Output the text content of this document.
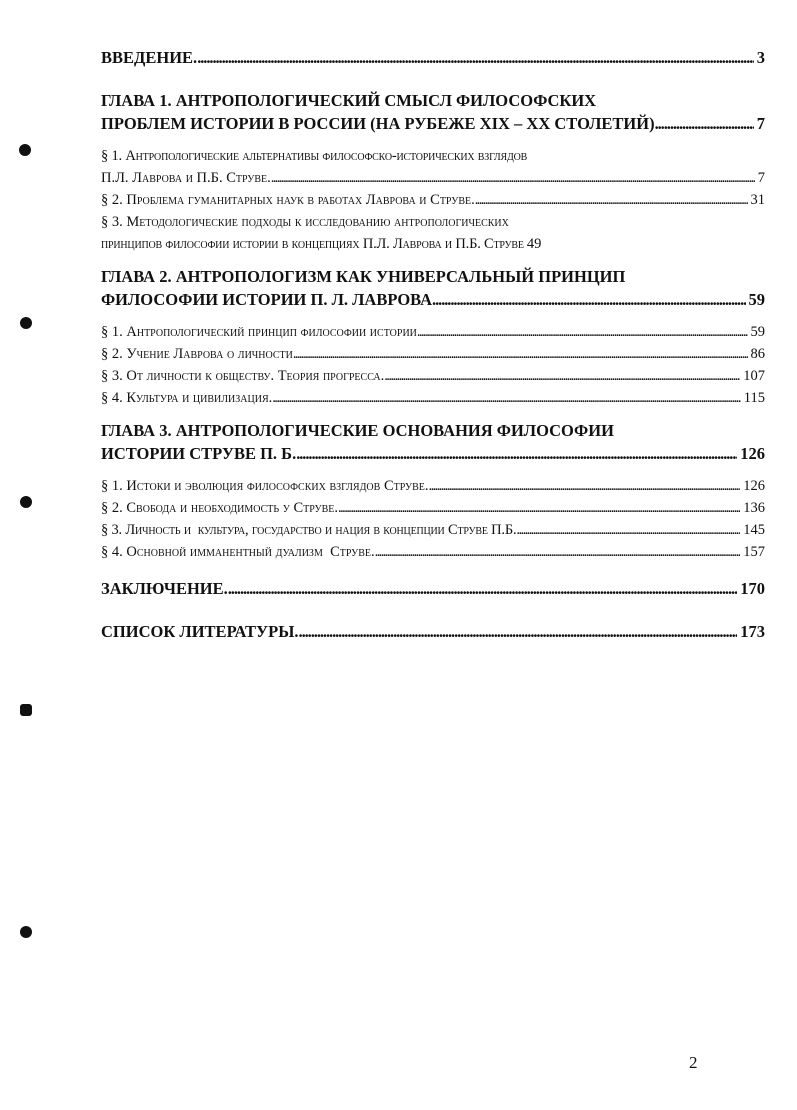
ВВЕДЕНИЕ. . . .	3
ГЛАВА 1. АНТРОПОЛОГИЧЕСКИЙ СМЫСЛ ФИЛОСОФСКИХ
ПРОБЛЕМ ИСТОРИИ В РОССИИ (НА РУБЕЖЕ XIX – XX СТОЛЕТИЙ) . . .	7
§ 1. Антропологические альтернативы философско-исторических взглядов
П.Л. Лаврова и П.Б. Струве. . . .	7
§ 2. Проблема гуманитарных наук в работах Лаврова и Струве. . . .	31
§ 3. Методологические подходы к исследованию антропологических
принципов философии истории в концепциях П.Л. Лаврова и П.Б. Струве 49
ГЛАВА 2. АНТРОПОЛОГИЗМ КАК УНИВЕРСАЛЬНЫЙ ПРИНЦИП
ФИЛОСОФИИ ИСТОРИИ П. Л. ЛАВРОВА . . .	59
§ 1. Антропологический принцип философии истории . . .	59
§ 2. Учение Лаврова о личности . . .	86
§ 3. От личности к обществу. Теория прогресса. . . .	107
§ 4. Культура и цивилизация. . . .	115
ГЛАВА 3. АНТРОПОЛОГИЧЕСКИЕ ОСНОВАНИЯ ФИЛОСОФИИ
ИСТОРИИ СТРУВЕ П. Б. . . .	126
§ 1. Истоки и эволюция философских взглядов Струве. . . .	126
§ 2. Свобода и необходимость у Струве. . . .	136
§ 3. Личность и  культура, государство и нация в концепции Струве П.Б. . . .	145
§ 4. Основной имманентный дуализм  Струве. . . .	157
ЗАКЛЮЧЕНИЕ. . . .	170
СПИСОК ЛИТЕРАТУРЫ. . . .	173
2
